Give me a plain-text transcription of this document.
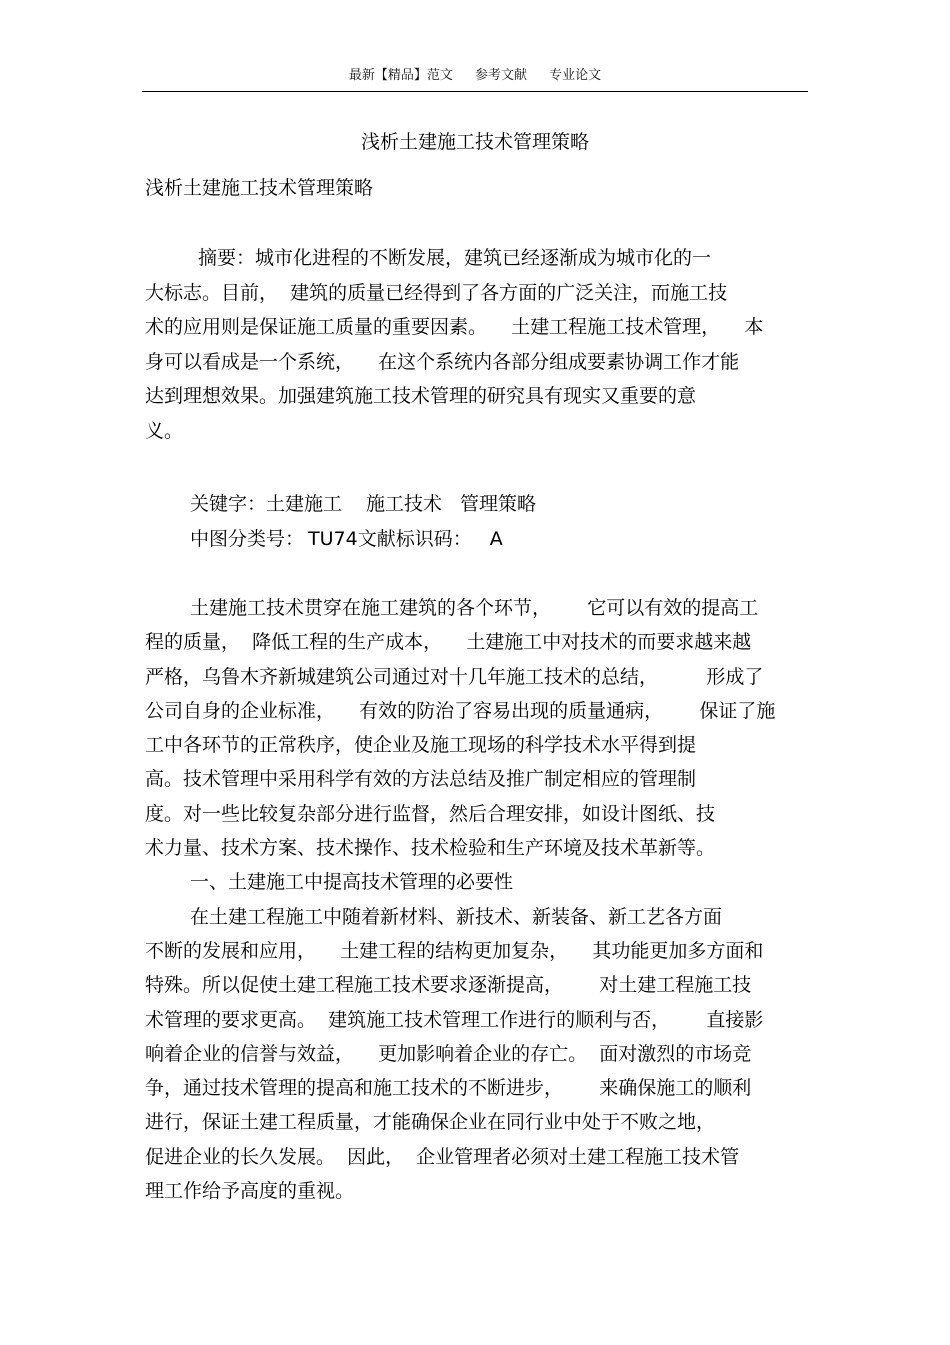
最新【精品】范文 参考文献 专业论文
浅析土建施工技术管理策略
浅析土建施工技术管理策略
摘要：城市化进程的不断发展，建筑已经逐渐成为城市化的一
大标志。目前，  建筑的质量已经得到了各方面的广泛关注，而施工技
术的应用则是保证施工质量的重要因素。    土建工程施工技术管理，    本
身可以看成是一个系统，    在这个系统内各部分组成要素协调工作才能
达到理想效果。加强建筑施工技术管理的研究具有现实又重要的意
义。
关键字：土建施工 施工技术 管理策略
中图分类号： TU74文献标识码： A
土建施工技术贯穿在施工建筑的各个环节，      它可以有效的提高工
程的质量，  降低工程的生产成本，    土建施工中对技术的而要求越来越
严格，乌鲁木齐新城建筑公司通过对十几年施工技术的总结，        形成了
公司自身的企业标准，    有效的防治了容易出现的质量通病，      保证了施
工中各环节的正常秩序，使企业及施工现场的科学技术水平得到提
高。技术管理中采用科学有效的方法总结及推广制定相应的管理制
度。对一些比较复杂部分进行监督，然后合理安排，如设计图纸、技
术力量、技术方案、技术操作、技术检验和生产环境及技术革新等。
一、土建施工中提高技术管理的必要性
在土建工程施工中随着新材料、新技术、新装备、新工艺各方面
不断的发展和应用，    土建工程的结构更加复杂，    其功能更加多方面和
特殊。所以促使土建工程施工技术要求逐渐提高，      对土建工程施工技
术管理的要求更高。  建筑施工技术管理工作进行的顺利与否，      直接影
响着企业的信誉与效益，    更加影响着企业的存亡。  面对激烈的市场竞
争，通过技术管理的提高和施工技术的不断进步，      来确保施工的顺利
进行，保证土建工程质量，才能确保企业在同行业中处于不败之地，
促进企业的长久发展。  因此，  企业管理者必须对土建工程施工技术管
理工作给予高度的重视。
